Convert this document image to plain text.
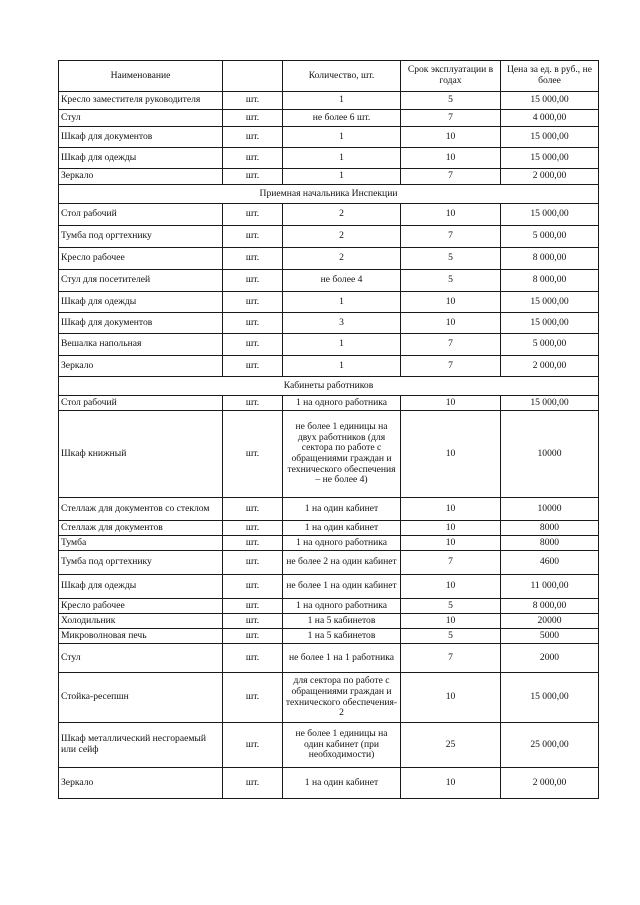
Наименование		Количество, шт.	Срок эксплуатации в годах	Цена за ед. в руб., не более
Кресло заместителя руководителя	шт.	1	5	15 000,00
Стул	шт.	не более 6 шт.	7	4 000,00
Шкаф для документов	шт.	1	10	15 000,00
Шкаф для одежды	шт.	1	10	15 000,00
Зеркало	шт.	1	7	2 000,00
Приемная начальника Инспекции				
Стол рабочий	шт.	2	10	15 000,00
Тумба под оргтехнику	шт.	2	7	5 000,00
Кресло рабочее	шт.	2	5	8 000,00
Стул для посетителей	шт.	не более 4	5	8 000,00
Шкаф для одежды	шт.	1	10	15 000,00
Шкаф для документов	шт.	3	10	15 000,00
Вешалка напольная	шт.	1	7	5 000,00
Зеркало	шт.	1	7	2 000,00
Кабинеты работников				
Стол рабочий	шт.	1 на одного работника	10	15 000,00
Шкаф книжный	шт.	не более 1 единицы на двух работников (для сектора по работе с обращениями граждан и технического обеспечения – не более 4)	10	10000
Стеллаж для документов со стеклом	шт.	1 на один кабинет	10	10000
Стеллаж для документов	шт.	1 на один кабинет	10	8000
Тумба	шт.	1 на одного работника	10	8000
Тумба под оргтехнику	шт.	не более 2 на один кабинет	7	4600
Шкаф для одежды	шт.	не более 1 на один кабинет	10	11 000,00
Кресло рабочее	шт.	1 на одного работника	5	8 000,00
Холодильник	шт.	1 на 5 кабинетов	10	20000
Микроволновая печь	шт.	1 на 5 кабинетов	5	5000
Стул	шт.	не более 1 на 1 работника	7	2000
Стойка-ресепшн	шт.	для сектора по работе с обращениями граждан и технического обеспечения- 2	10	15 000,00
Шкаф металлический несгораемый или сейф	шт.	не более 1 единицы на один кабинет (при необходимости)	25	25 000,00
Зеркало	шт.	1 на один кабинет	10	2 000,00
